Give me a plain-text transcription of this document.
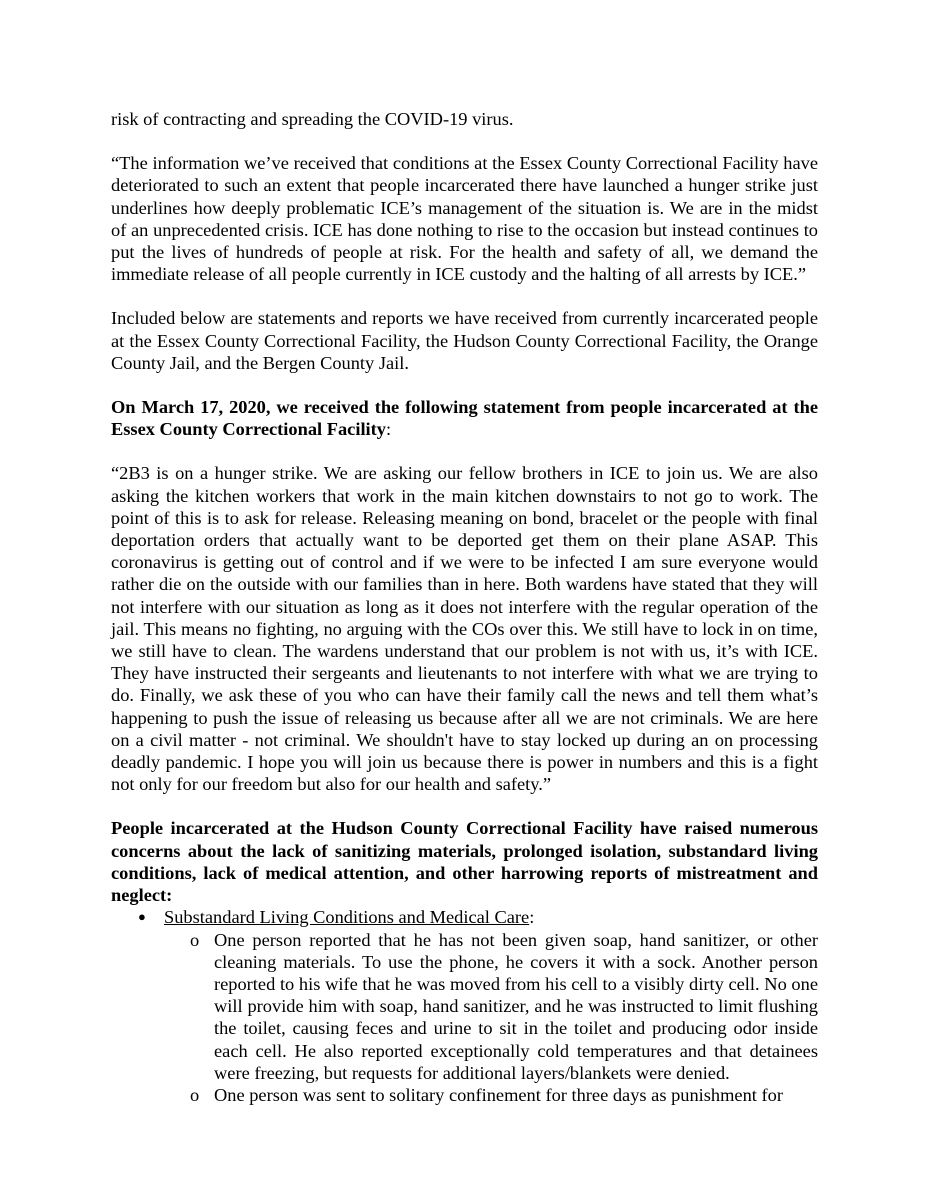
risk of contracting and spreading the COVID-19 virus.

“The information we’ve received that conditions at the Essex County Correctional Facility have deteriorated to such an extent that people incarcerated there have launched a hunger strike just underlines how deeply problematic ICE’s management of the situation is. We are in the midst of an unprecedented crisis. ICE has done nothing to rise to the occasion but instead continues to put the lives of hundreds of people at risk. For the health and safety of all, we demand the immediate release of all people currently in ICE custody and the halting of all arrests by ICE.”

Included below are statements and reports we have received from currently incarcerated people at the Essex County Correctional Facility, the Hudson County Correctional Facility, the Orange County Jail, and the Bergen County Jail.

On March 17, 2020, we received the following statement from people incarcerated at the Essex County Correctional Facility:

“2B3 is on a hunger strike. We are asking our fellow brothers in ICE to join us. We are also asking the kitchen workers that work in the main kitchen downstairs to not go to work. The point of this is to ask for release. Releasing meaning on bond, bracelet or the people with final deportation orders that actually want to be deported get them on their plane ASAP. This coronavirus is getting out of control and if we were to be infected I am sure everyone would rather die on the outside with our families than in here. Both wardens have stated that they will not interfere with our situation as long as it does not interfere with the regular operation of the jail. This means no fighting, no arguing with the COs over this. We still have to lock in on time, we still have to clean. The wardens understand that our problem is not with us, it’s with ICE. They have instructed their sergeants and lieutenants to not interfere with what we are trying to do. Finally, we ask these of you who can have their family call the news and tell them what’s happening to push the issue of releasing us because after all we are not criminals. We are here on a civil matter - not criminal. We shouldn't have to stay locked up during an on processing deadly pandemic. I hope you will join us because there is power in numbers and this is a fight not only for our freedom but also for our health and safety.”

People incarcerated at the Hudson County Correctional Facility have raised numerous concerns about the lack of sanitizing materials, prolonged isolation, substandard living conditions, lack of medical attention, and other harrowing reports of mistreatment and neglect:

● Substandard Living Conditions and Medical Care:
o One person reported that he has not been given soap, hand sanitizer, or other cleaning materials. To use the phone, he covers it with a sock. Another person reported to his wife that he was moved from his cell to a visibly dirty cell. No one will provide him with soap, hand sanitizer, and he was instructed to limit flushing the toilet, causing feces and urine to sit in the toilet and producing odor inside each cell. He also reported exceptionally cold temperatures and that detainees were freezing, but requests for additional layers/blankets were denied.

o One person was sent to solitary confinement for three days as punishment for
